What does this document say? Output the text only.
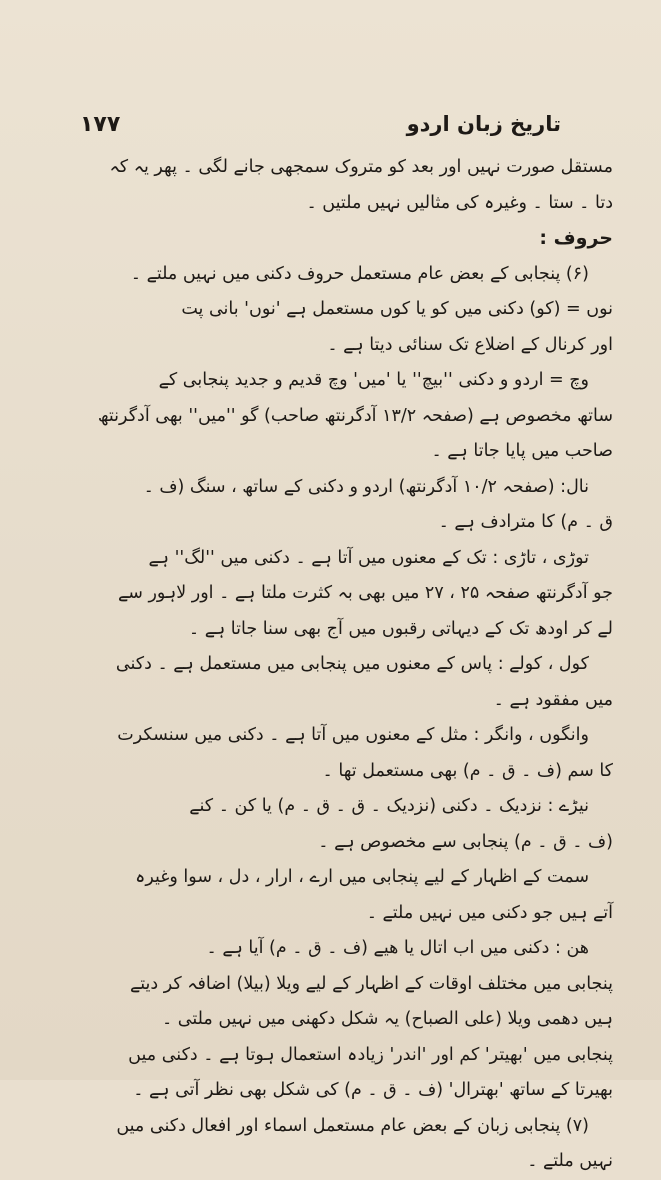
۱۷۷	تاریخ زبان اردو
مستقل صورت نہیں اور بعد کو متروک سمجھی جانے لگی ۔ پھر یہ کہ
دتا ۔ ستا ۔ وغیرہ کی مثالیں نہیں ملتیں ۔
حروف :
(۶) پنجابی کے بعض عام مستعمل حروف دکنی میں نہیں ملتے ۔
نوں = (کو) دکنی میں کو یا کوں مستعمل ہے 'نوں' بانی پت
اور کرنال کے اضلاع تک سنائی دیتا ہے ۔
وچ = اردو و دکنی ''بیچ'' یا 'میں' وچ قدیم و جدید پنجابی کے
ساتھ مخصوص ہے (صفحہ ۱۳/۲ آدگرنتھ صاحب) گو ''میں'' بھی آدگرنتھ
صاحب میں پایا جاتا ہے ۔
نال: (صفحہ ۱۰/۲ آدگرنتھ) اردو و دکنی کے ساتھ ، سنگ (ف ۔
ق ۔ م) کا مترادف ہے ۔
توڑی ، تاڑی : تک کے معنوں میں آتا ہے ۔ دکنی میں ''لگ'' ہے
جو آدگرنتھ صفحہ ۲۵ ، ۲۷ میں بھی بہ کثرت ملتا ہے ۔ اور لاہور سے
لے کر اودھ تک کے دیہاتی رقبوں میں آج بھی سنا جاتا ہے ۔
کول ، کولے : پاس کے معنوں میں پنجابی میں مستعمل ہے ۔ دکنی
میں مفقود ہے ۔
وانگوں ، وانگر : مثل کے معنوں میں آتا ہے ۔ دکنی میں سنسکرت
کا سم (ف ۔ ق ۔ م) بھی مستعمل تھا ۔
نیڑے : نزدیک ۔ دکنی (نزدیک ۔ ق ۔ ق ۔ م) یا کن ۔ کنے
(ف ۔ ق ۔ م) پنجابی سے مخصوص ہے ۔
سمت کے اظہار کے لیے پنجابی میں ارے ، ارار ، دل ، سوا وغیرہ
آتے ہیں جو دکنی میں نہیں ملتے ۔
ھن : دکنی میں اب اتال یا ھیے (ف ۔ ق ۔ م) آیا ہے ۔
پنجابی میں مختلف اوقات کے اظہار کے لیے ویلا (بیلا) اضافہ کر دیتے
ہیں دھمی ویلا (علی الصباح) یہ شکل دکھنی میں نہیں ملتی ۔
پنجابی میں 'بھیتر' کم اور 'اندر' زیادہ استعمال ہوتا ہے ۔ دکنی میں
بھیرتا کے ساتھ 'بھترال' (ف ۔ ق ۔ م) کی شکل بھی نظر آتی ہے ۔
(۷) پنجابی زبان کے بعض عام مستعمل اسماء اور افعال دکنی میں
نہیں ملتے ۔
